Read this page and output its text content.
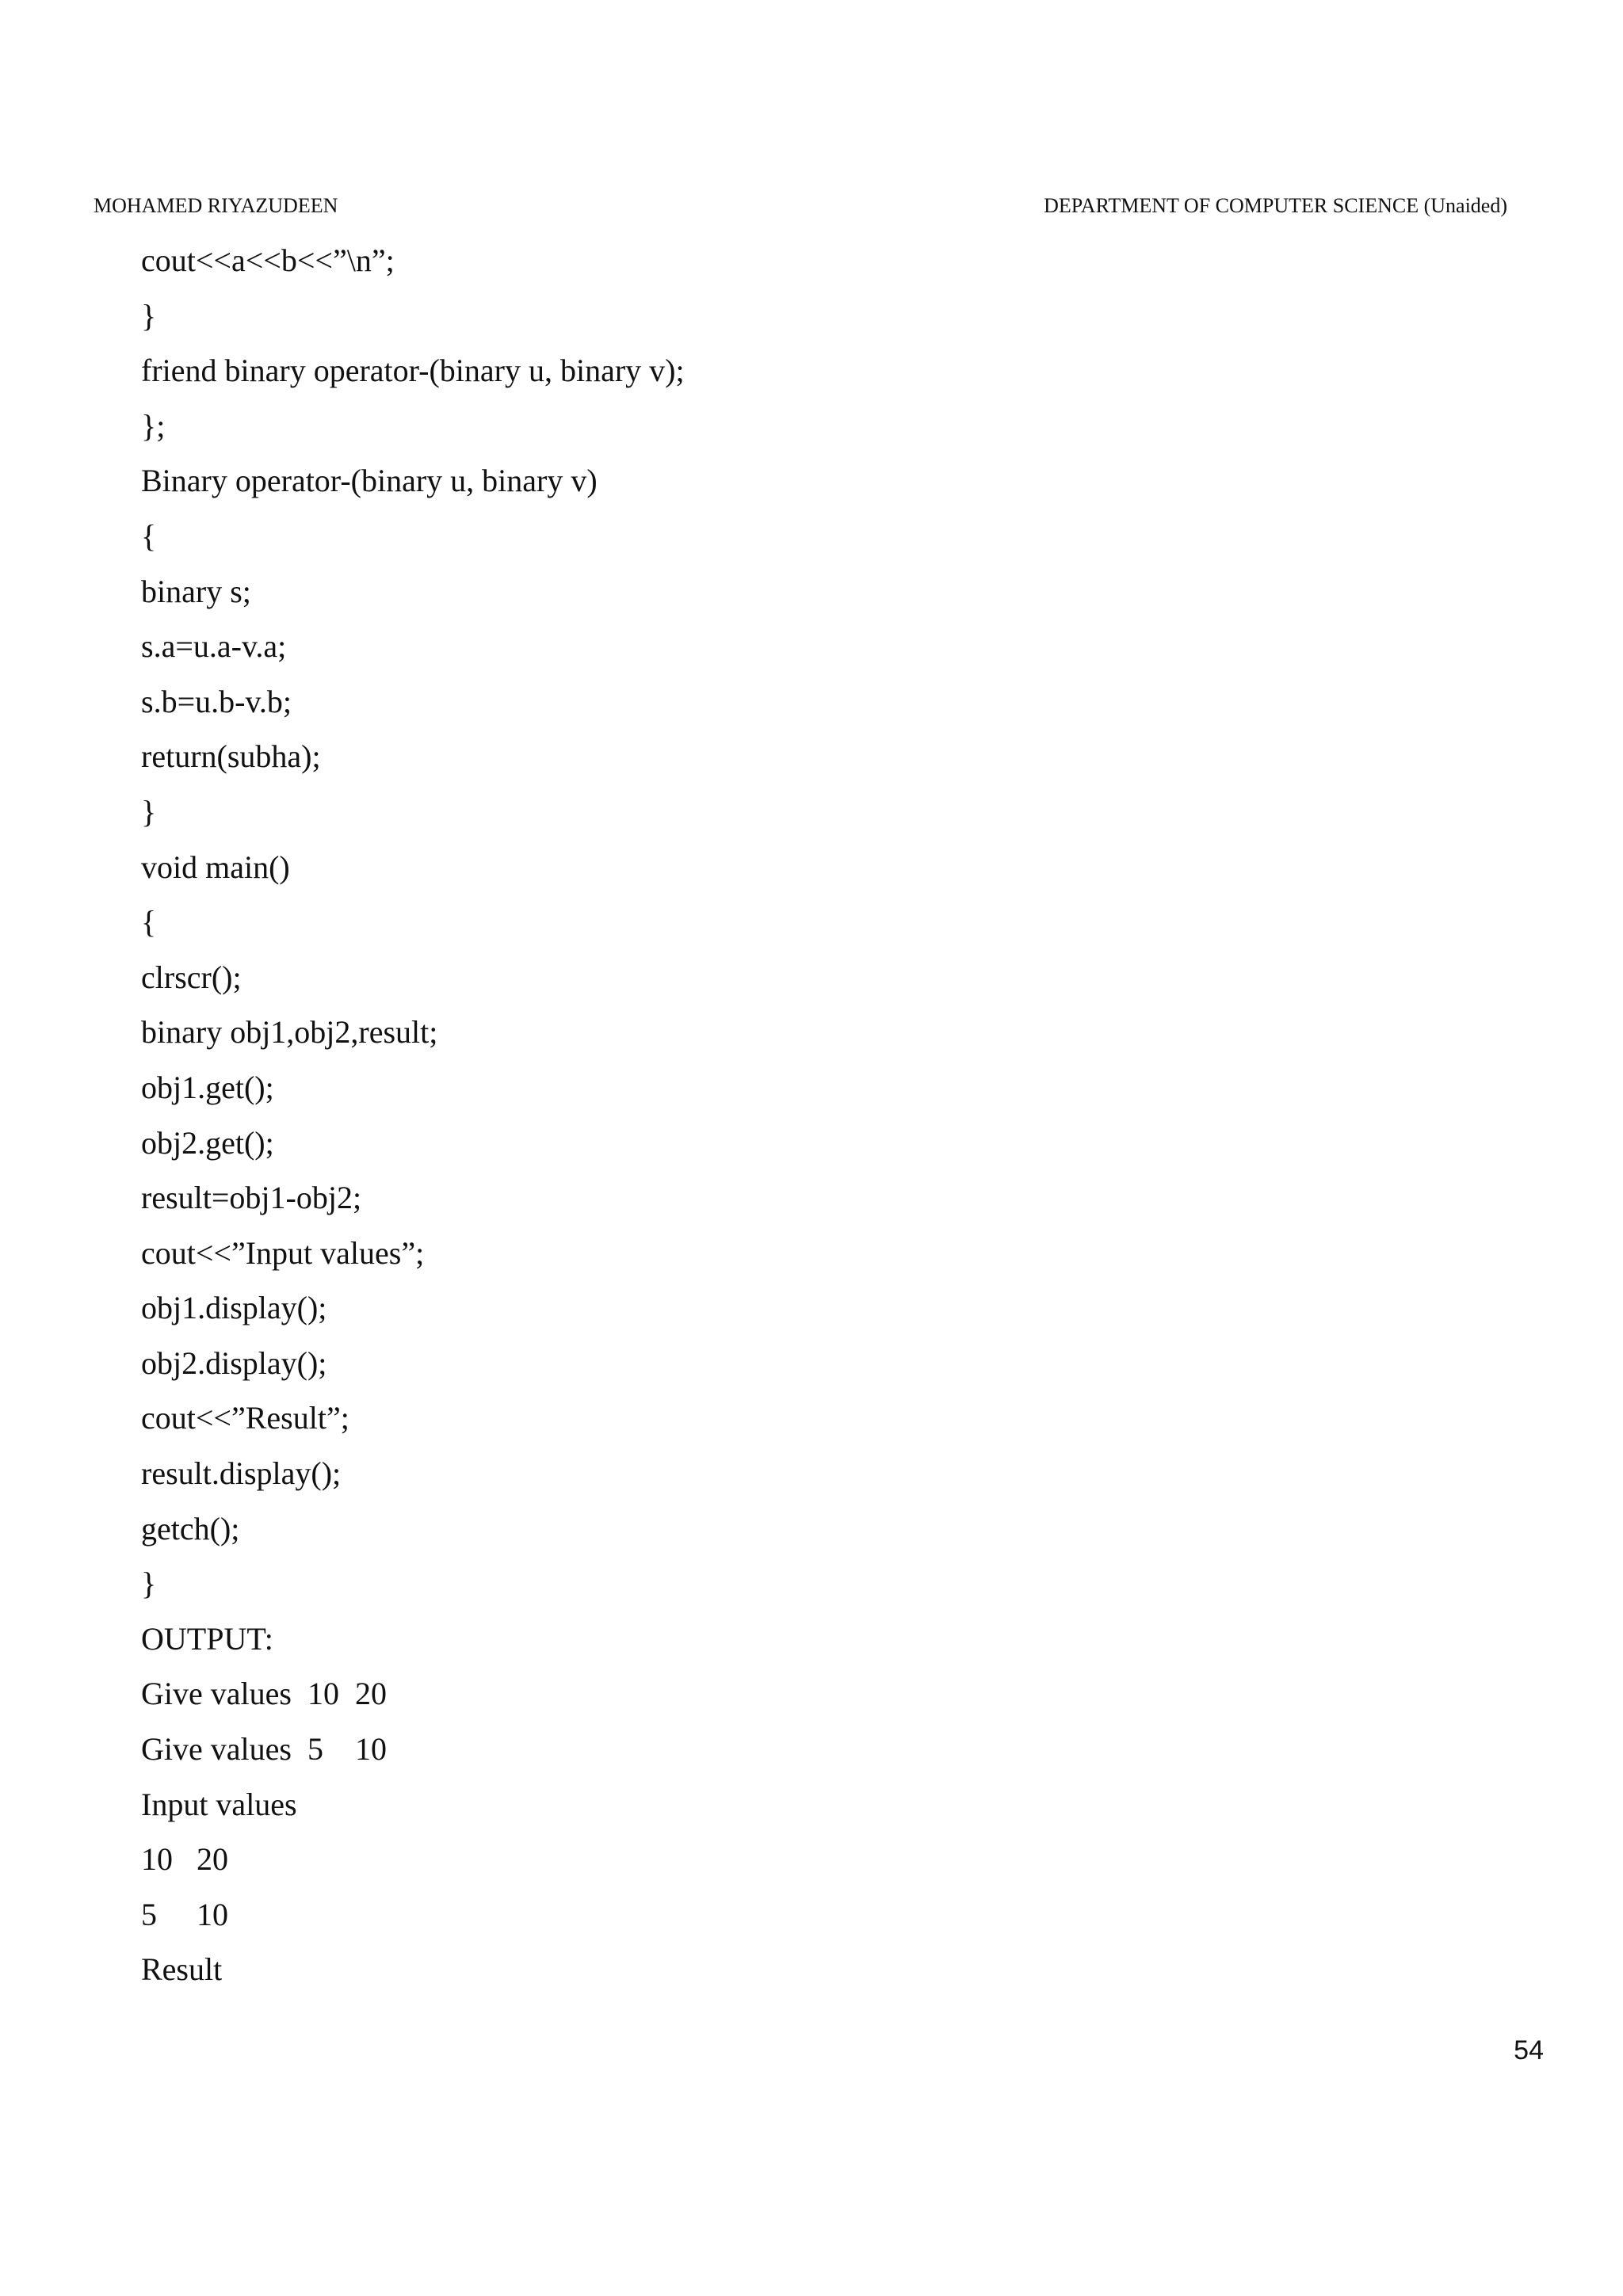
MOHAMED RIYAZUDEEN	DEPARTMENT OF COMPUTER SCIENCE (Unaided)
cout<<a<<b<<”\n”;
}
friend binary operator-(binary u, binary v);
};
Binary operator-(binary u, binary v)
{
binary s;
s.a=u.a-v.a;
s.b=u.b-v.b;
return(subha);
}
void main()
{
clrscr();
binary obj1,obj2,result;
obj1.get();
obj2.get();
result=obj1-obj2;
cout<<”Input values”;
obj1.display();
obj2.display();
cout<<”Result”;
result.display();
getch();
}
OUTPUT:
Give values  10  20
Give values  5    10
Input values
10   20
5     10
Result
54
